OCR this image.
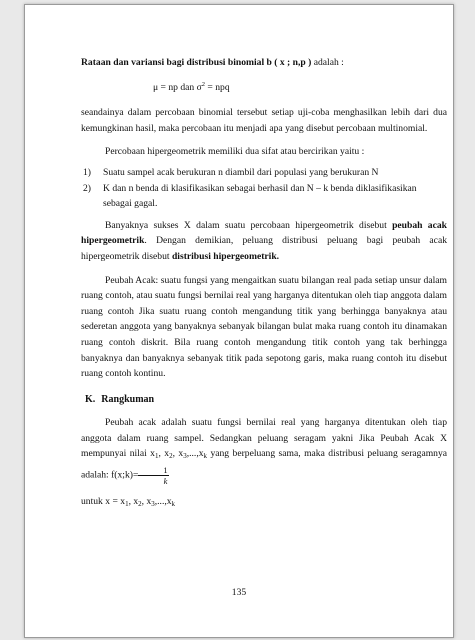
Rataan dan variansi bagi distribusi binomial b ( x ; n,p ) adalah :

μ = np dan $\sigma^2$ = npq

seandainya dalam percobaan binomial tersebut setiap uji-coba menghasilkan lebih dari dua kemungkinan hasil, maka percobaan itu menjadi apa yang disebut percobaan multinomial.

Percobaan hipergeometrik memiliki dua sifat atau bercirikan yaitu :

1)	Suatu sampel acak berukuran n diambil dari populasi yang berukuran N
2)	K dan n benda di klasifikasikan sebagai berhasil dan N – k benda diklasifikasikan sebagai gagal.

Banyaknya sukses X dalam suatu percobaan hipergeometrik disebut peubah acak hipergeometrik. Dengan demikian, peluang distribusi peluang bagi peubah acak hipergeometrik disebut distribusi hipergeometrik.

Peubah Acak: suatu fungsi yang mengaitkan suatu bilangan real pada setiap unsur dalam ruang contoh, atau suatu fungsi bernilai real yang harganya ditentukan oleh tiap anggota dalam ruang contoh Jika suatu ruang contoh mengandung titik yang berhingga banyaknya atau sederetan anggota yang banyaknya sebanyak bilangan bulat maka ruang contoh itu dinamakan ruang contoh diskrit. Bila ruang contoh mengandung titik contoh yang tak berhingga banyaknya dan banyaknya sebanyak titik pada sepotong garis, maka ruang contoh itu disebut ruang contoh kontinu.

K. Rangkuman

Peubah acak adalah suatu fungsi bernilai real yang harganya ditentukan oleh tiap anggota dalam ruang sampel. Sedangkan peluang seragam yakni Jika Peubah Acak X mempunyai nilai $x_1$, $x_2$, $x_3,...,x_k$ yang berpeluang sama, maka distribusi peluang seragamnya adalah: f(x;k)= $\frac{1}{k}$

untuk $x = x_1$, $x_2$, $x_3,...,x_k$

135
